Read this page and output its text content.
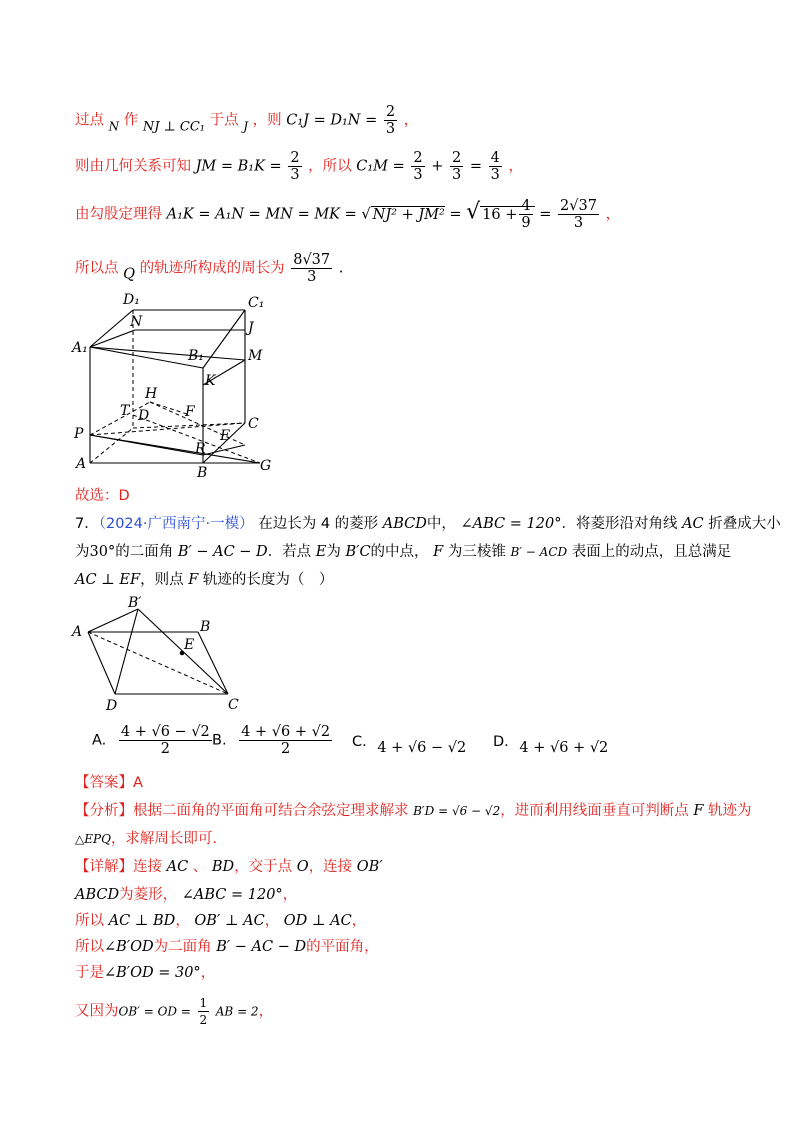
过点 $_N$ 作 NJ ⊥ CC₁ 于点 $_J$ ，则 $C_1J = D_1N = \frac{2}{3}$ ，
则由几何关系可知 JM = $B_1K = \frac{2}{3}$ ，所以 $C_1M = \frac{2}{3} + \frac{2}{3} = \frac{4}{3}$ ，
由勾股定理得 A₁K = A₁N = MN = MK = √ NJ² + JM² = √ $16 + \frac{4}{9} = \frac{2√37}{3}$ ，
所以点 Q 的轨迹所构成的周长为 $\frac{8√37}{3}$ .
D₁	C₁
N	J
A₁	B₁	M
K
H
T D	F
C
P	E
R
A
B	G
故选：D
7．（2024·广西南宁·一模） 在边长为 4 的菱形 ABCD中， ∠ABC = 120°．将菱形沿对角线 AC 折叠成大小
为30°的二面角 B′ − AC − D．若点 E为 B′C的中点， F 为三棱锥 B′ − ACD 表面上的动点，且总满足
AC ⊥ EF，则点 F 轨迹的长度为（　）
B′
A	B
E
D	C
A. $\frac{4 + √6 - √2}{2} B$. $\frac{4 + √6 + √2}{2} C$. 4 + √6 − √2 D. 4 + √6 + √2
【答案】A
【分析】根据二面角的平面角可结合余弦定理求解求 B′D = √6 − √2，进而利用线面垂直可判断点 F 轨迹为
△EPQ，求解周长即可.
【详解】连接 AC 、 BD，交于点 O，连接 OB′
ABCD为菱形， ∠ABC = 120°，
所以 AC ⊥ BD， OB′ ⊥ AC， OD ⊥ AC，
所以∠B′OD为二面角 B′ − AC − D的平面角，
于是∠B′OD = 30°，
又因为OB′ = OD = $\frac{1}{2}$ AB = 2，
